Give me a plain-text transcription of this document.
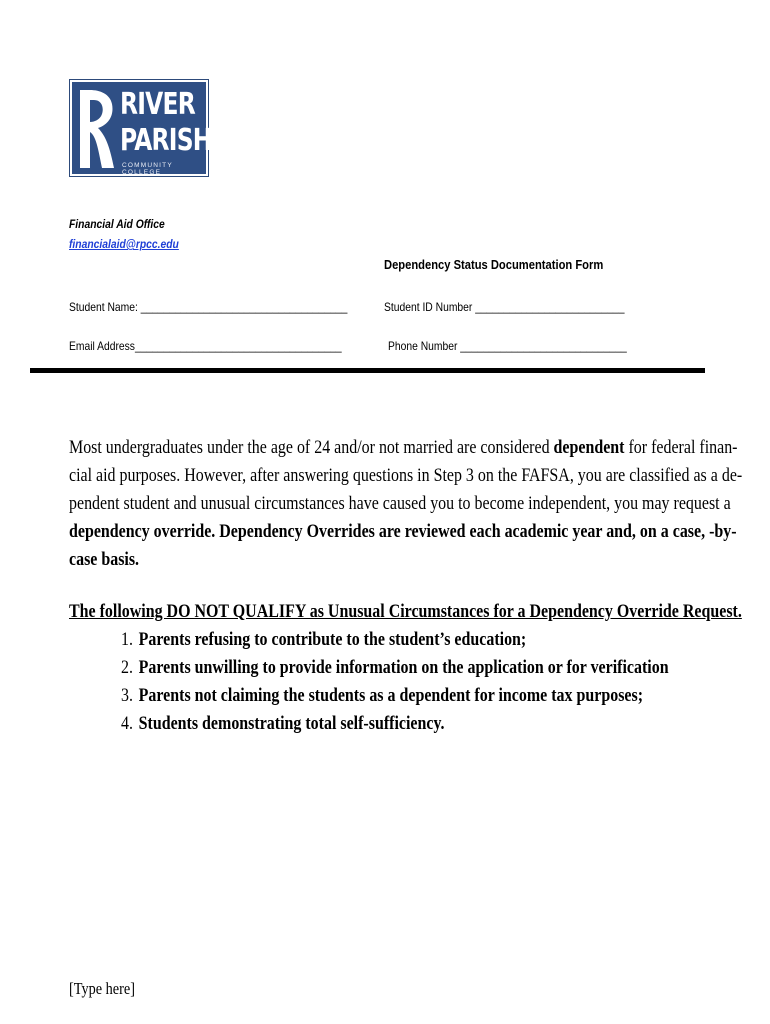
RIVER
PARISHES
COMMUNITY COLLEGE
Financial Aid Office
financialaid@rpcc.edu
Dependency Status Documentation Form
Student Name: ____________________________________	Student ID Number __________________________
Email Address____________________________________	Phone Number _____________________________
Most undergraduates under the age of 24 and/or not married are considered dependent for federal finan-
cial aid purposes. However, after answering questions in Step 3 on the FAFSA, you are classified as a de-
pendent student and unusual circumstances have caused you to become independent, you may request a
dependency override. Dependency Overrides are reviewed each academic year and, on a case, -by-
case basis.
The following DO NOT QUALIFY as Unusual Circumstances for a Dependency Override Request.
1. Parents refusing to contribute to the student’s education;
2. Parents unwilling to provide information on the application or for verification
3. Parents not claiming the students as a dependent for income tax purposes;
4. Students demonstrating total self-sufficiency.
[Type here]
